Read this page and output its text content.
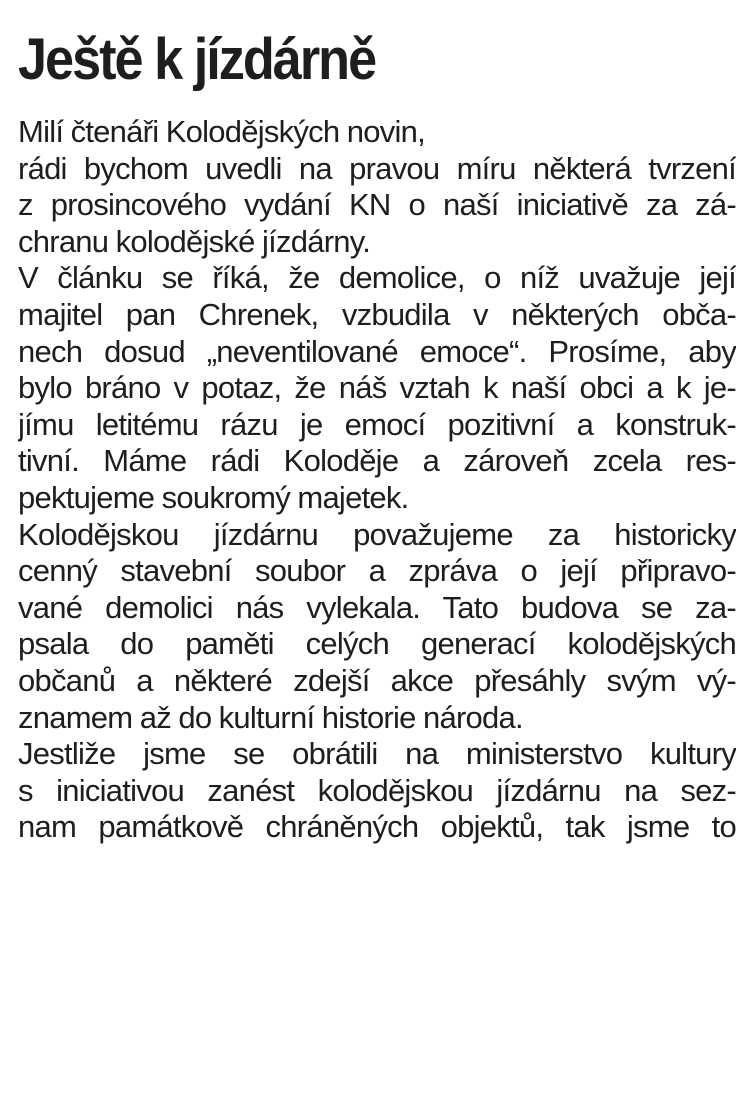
Ještě k jízdárně
Milí čtenáři Kolodějských novin,
rádi bychom uvedli na pravou míru některá tvrzení
z prosincového vydání KN o naší iniciativě za zá-
chranu kolodějské jízdárny.
V článku se říká, že demolice, o níž uvažuje její
majitel pan Chrenek, vzbudila v některých obča-
nech dosud „neventilované emoce“. Prosíme, aby
bylo bráno v potaz, že náš vztah k naší obci a k je-
jímu letitému rázu je emocí pozitivní a konstruk-
tivní. Máme rádi Koloděje a zároveň zcela res-
pektujeme soukromý majetek.
Kolodějskou jízdárnu považujeme za historicky
cenný stavební soubor a zpráva o její připravo-
vané demolici nás vylekala. Tato budova se za-
psala do paměti celých generací kolodějských
občanů a některé zdejší akce přesáhly svým vý-
znamem až do kulturní historie národa.
Jestliže jsme se obrátili na ministerstvo kultury
s iniciativou zanést kolodějskou jízdárnu na sez-
nam památkově chráněných objektů, tak jsme to
